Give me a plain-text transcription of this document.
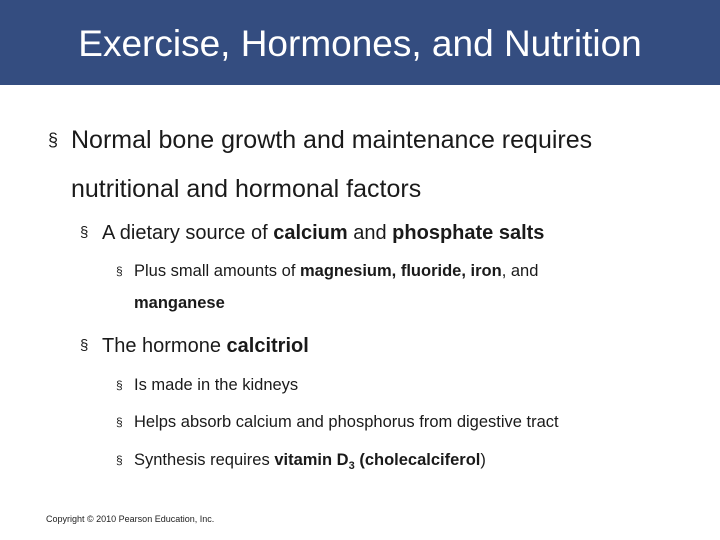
Exercise, Hormones, and Nutrition
§ Normal bone growth and maintenance requires
nutritional and hormonal factors
§ A dietary source of calcium and phosphate salts
§ Plus small amounts of magnesium, fluoride, iron, and
manganese
§ The hormone calcitriol
§ Is made in the kidneys
§ Helps absorb calcium and phosphorus from digestive tract
§ Synthesis requires vitamin $D_3$ (cholecalciferol)
Copyright © 2010 Pearson Education, Inc.
